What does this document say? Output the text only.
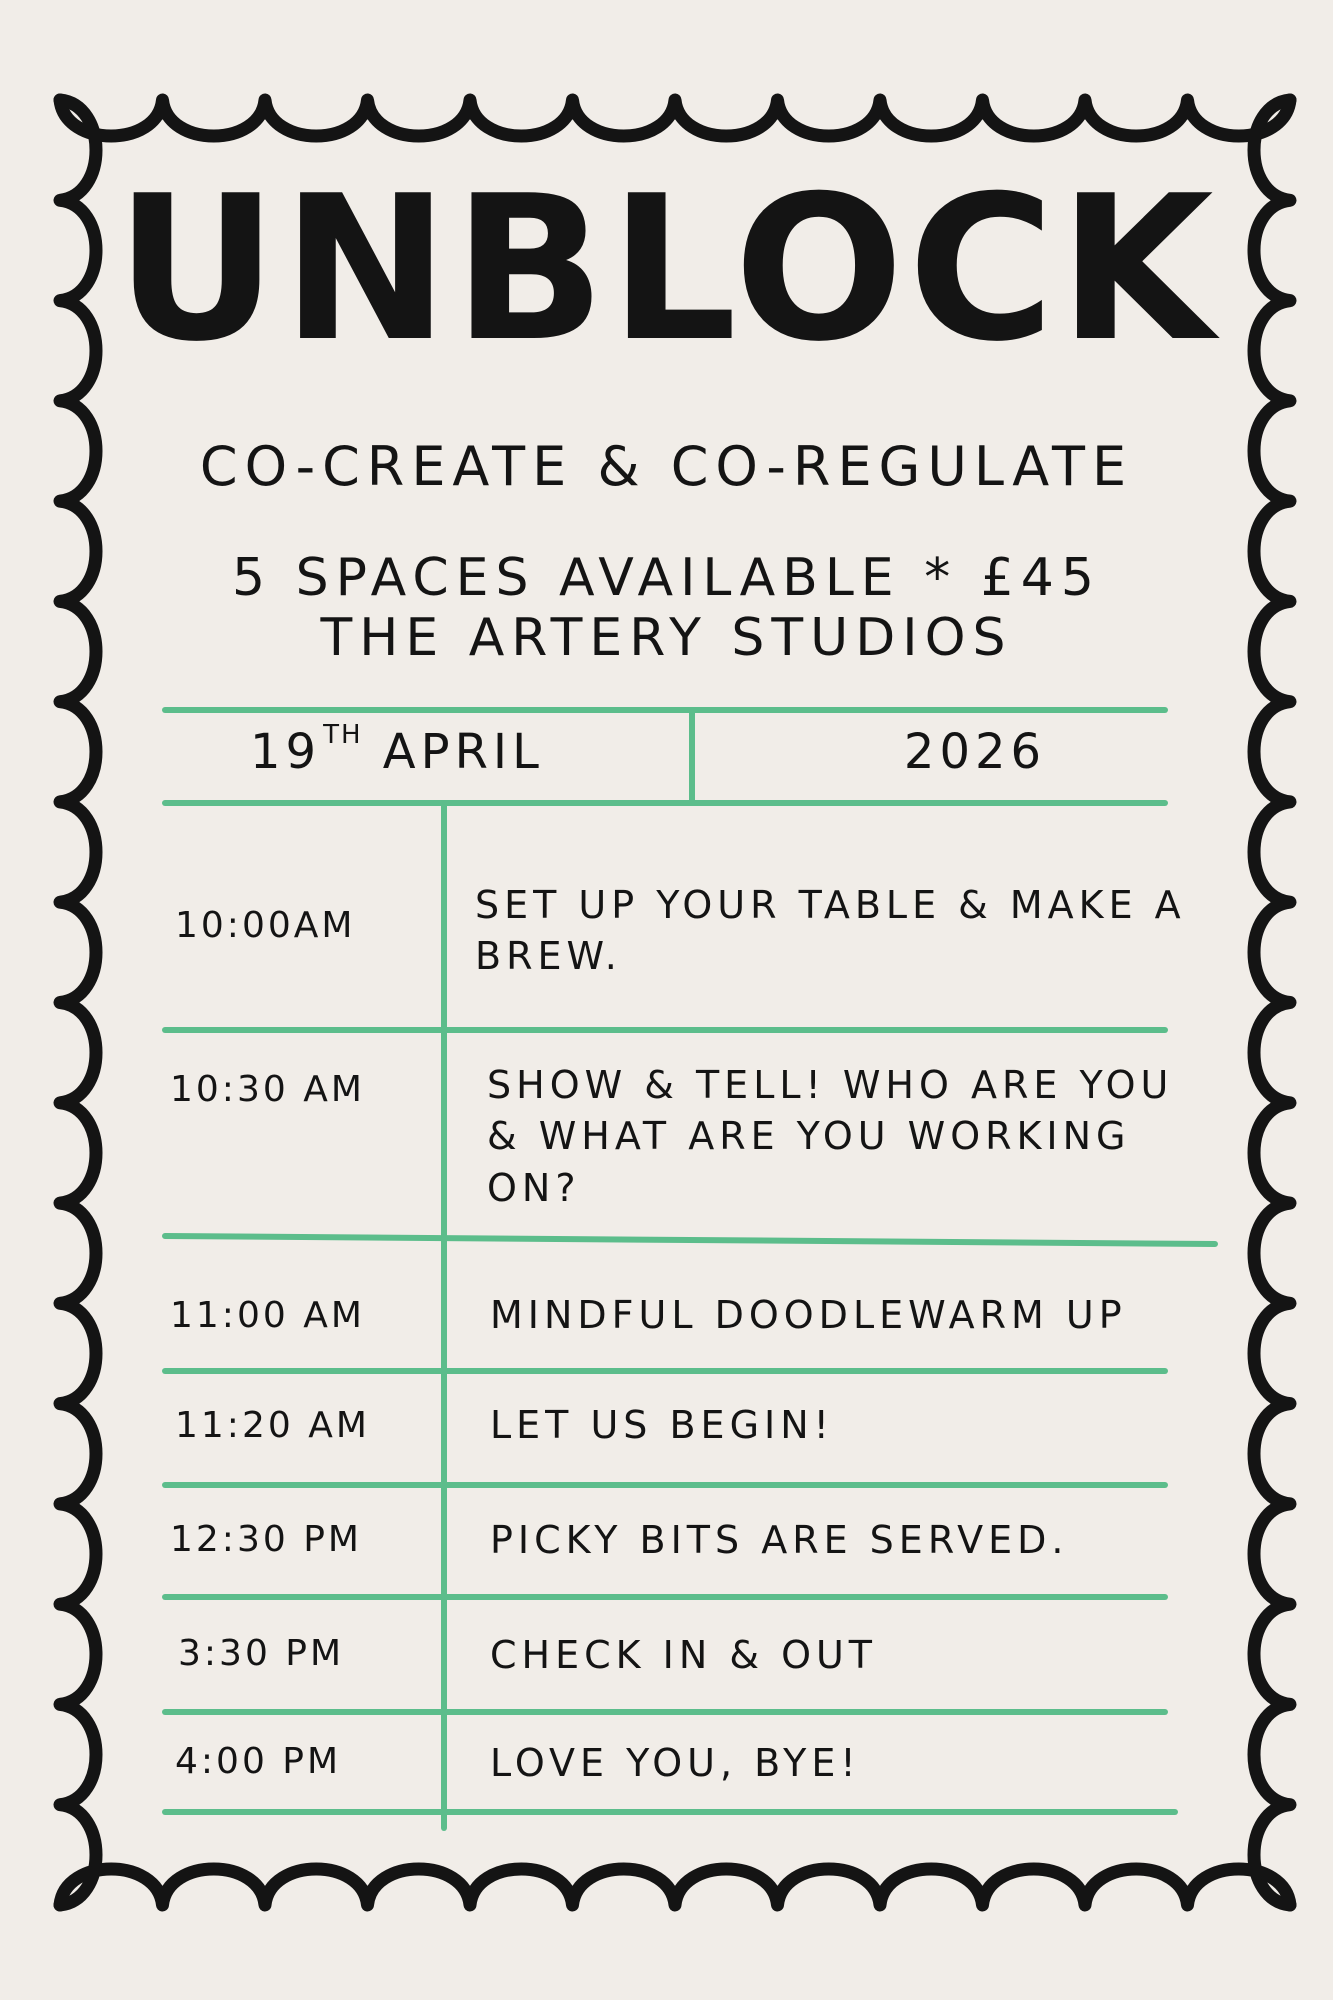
UNBLOCK
CO-CREATE & CO-REGULATE
5 SPACES AVAILABLE * £45
THE ARTERY STUDIOS
19TH APRIL	2026
10:00AM	SET UP YOUR TABLE & MAKE A BREW.
10:30 AM	SHOW & TELL! WHO ARE YOU & WHAT ARE YOU WORKING ON?
11:00 AM	MINDFUL DOODLEWARM UP
11:20 AM	LET US BEGIN!
12:30 PM	PICKY BITS ARE SERVED.
3:30 PM	CHECK IN & OUT
4:00 PM	LOVE YOU, BYE!
